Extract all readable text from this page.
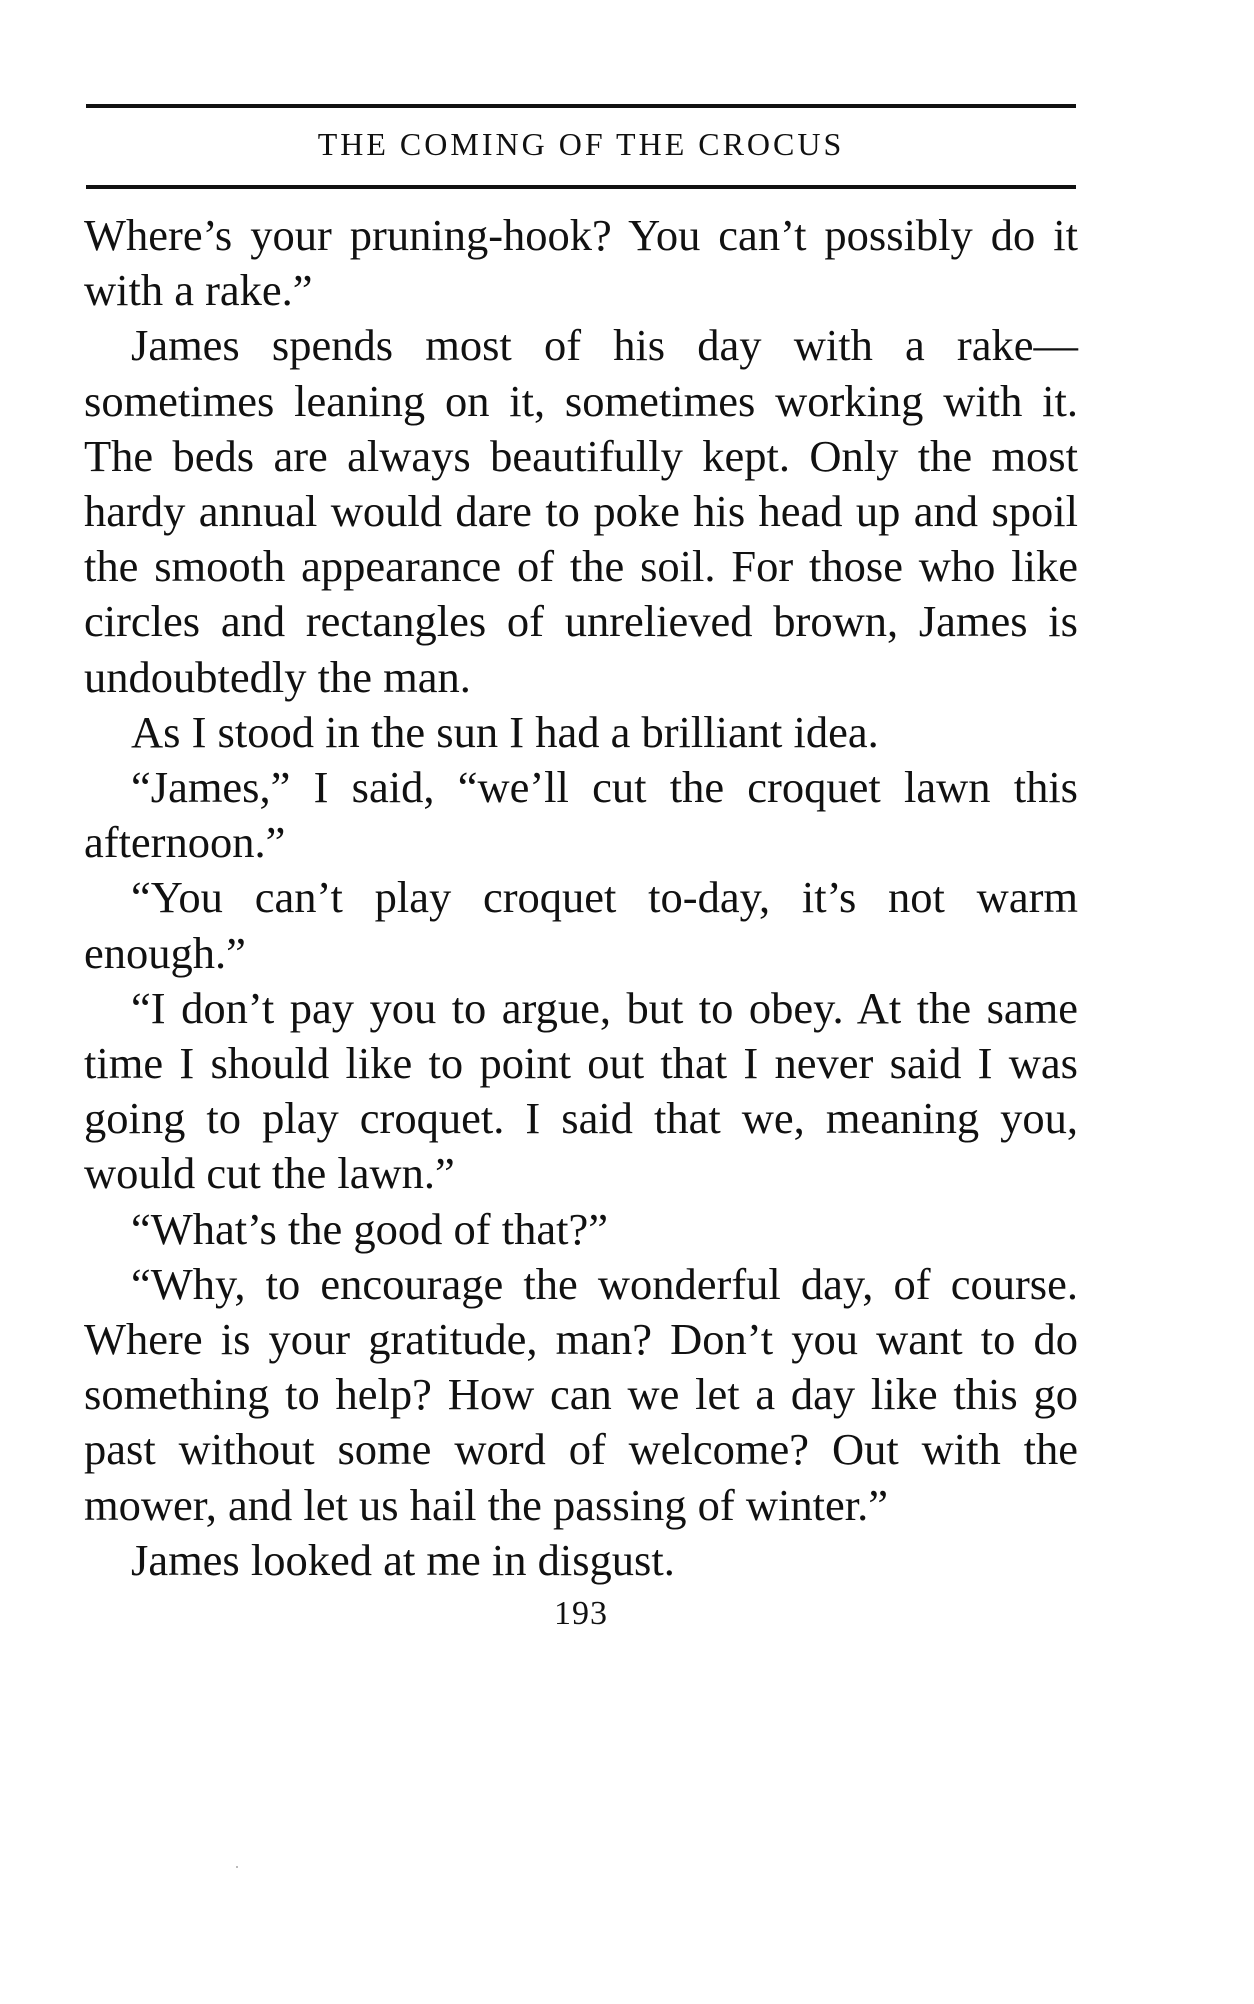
THE COMING OF THE CROCUS

Where’s your pruning-hook? You can’t possibly do it with a rake.”

James spends most of his day with a rake— sometimes leaning on it, sometimes working with it. The beds are always beautifully kept. Only the most hardy annual would dare to poke his head up and spoil the smooth appearance of the soil. For those who like circles and rectangles of unrelieved brown, James is undoubtedly the man.

As I stood in the sun I had a brilliant idea.

“James,” I said, “we’ll cut the croquet lawn this afternoon.”

“You can’t play croquet to-day, it’s not warm enough.”

“I don’t pay you to argue, but to obey. At the same time I should like to point out that I never said I was going to play croquet. I said that we, meaning you, would cut the lawn.”

“What’s the good of that?”

“Why, to encourage the wonderful day, of course. Where is your gratitude, man? Don’t you want to do something to help? How can we let a day like this go past without some word of welcome? Out with the mower, and let us hail the passing of winter.”

James looked at me in disgust.

193
